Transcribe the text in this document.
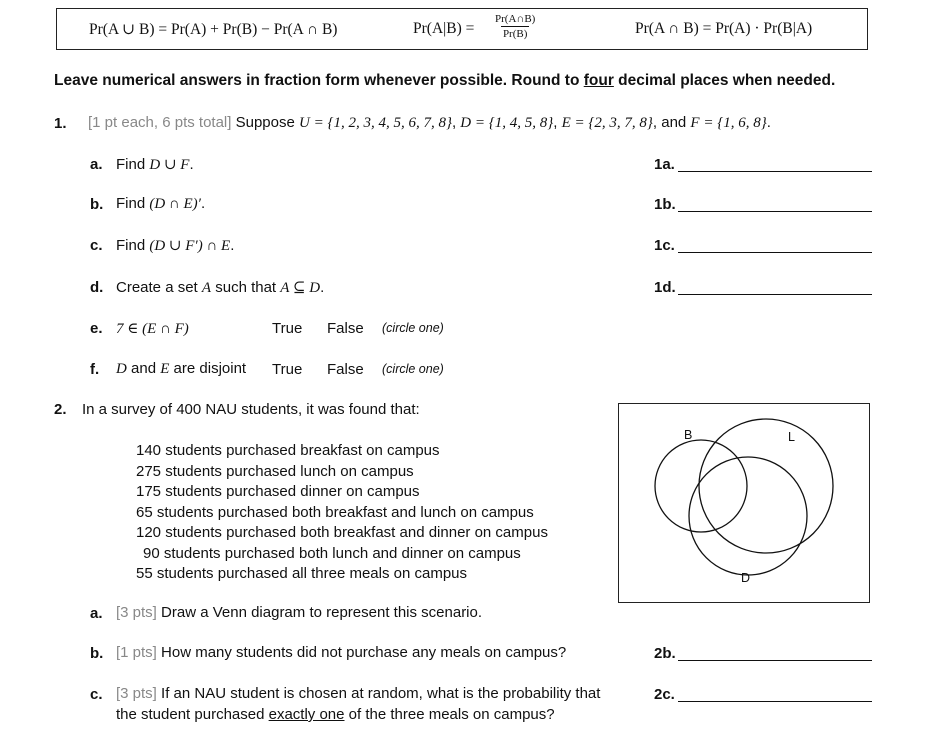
Pr(A ∪ B) = Pr(A) + Pr(B) − Pr(A ∩ B)	$Pr(A|B) = \frac{Pr(A\cap B)}{Pr(B)}$	Pr(A ∩ B) = Pr(A) · Pr(B|A)
Leave numerical answers in fraction form whenever possible. Round to four decimal places when needed.
1. [1 pt each, 6 pts total] Suppose U = {1, 2, 3, 4, 5, 6, 7, 8}, D = {1, 4, 5, 8}, E = {2, 3, 7, 8}, and F = {1, 6, 8}.
a. Find D ∪ F.	1a.
b. Find (D ∩ E)′.	1b.
c. Find (D ∪ F′) ∩ E.	1c.
d. Create a set A such that A ⊆ D.	1d.
e. 7 ∈ (E ∩ F)	True False (circle one)
f. D and E are disjoint True False (circle one)
2. In a survey of 400 NAU students, it was found that:
140 students purchased breakfast on campus
275 students purchased lunch on campus
175 students purchased dinner on campus
65 students purchased both breakfast and lunch on campus
120 students purchased both breakfast and dinner on campus
90 students purchased both lunch and dinner on campus
55 students purchased all three meals on campus
B	L
D
a. [3 pts] Draw a Venn diagram to represent this scenario.
b. [1 pts] How many students did not purchase any meals on campus?	2b.
c. [3 pts] If an NAU student is chosen at random, what is the probability that
the student purchased exactly one of the three meals on campus?
2c.
